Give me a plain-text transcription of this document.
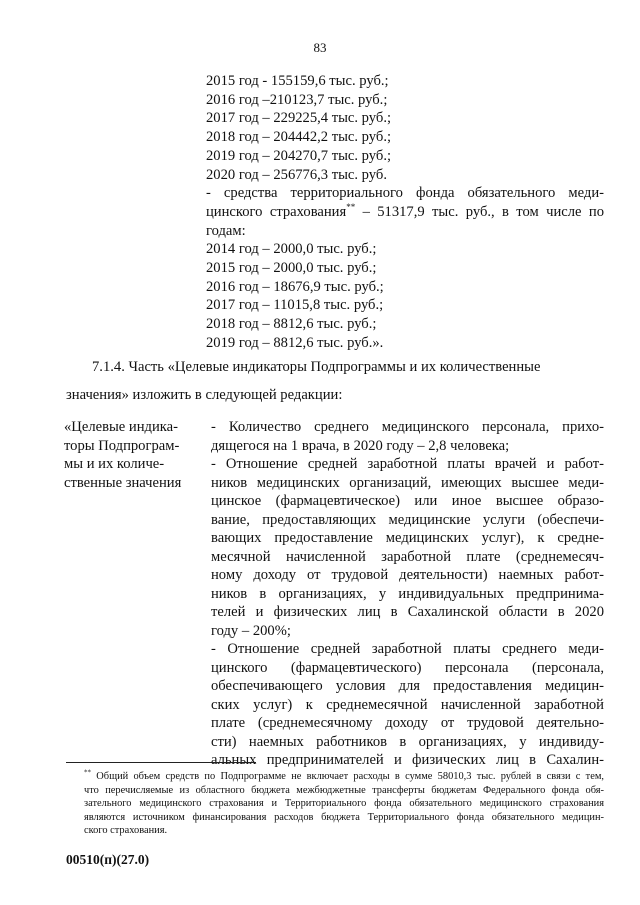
83
2015 год - 155159,6 тыс. руб.;
2016 год –210123,7 тыс. руб.;
2017 год – 229225,4 тыс. руб.;
2018 год – 204442,2 тыс. руб.;
2019 год – 204270,7 тыс. руб.;
2020 год – 256776,3 тыс. руб.
- средства территориального фонда обязательного меди-
цинского страхования** – 51317,9 тыс. руб., в том числе по
годам:
2014 год – 2000,0 тыс. руб.;
2015 год – 2000,0 тыс. руб.;
2016 год – 18676,9 тыс. руб.;
2017 год – 11015,8 тыс. руб.;
2018 год – 8812,6 тыс. руб.;
2019 год – 8812,6 тыс. руб.».
7.1.4. Часть «Целевые индикаторы Подпрограммы и их количественные
значения» изложить в следующей редакции:
«Целевые индика-
торы Подпрограм-
мы и их количе-
ственные значения
- Количество среднего медицинского персонала, прихо-
дящегося на 1 врача, в 2020 году – 2,8 человека;
- Отношение средней заработной платы врачей и работ-
ников медицинских организаций, имеющих высшее меди-
цинское (фармацевтическое) или иное высшее образо-
вание, предоставляющих медицинские услуги (обеспечи-
вающих предоставление медицинских услуг), к средне-
месячной начисленной заработной плате (среднемесяч-
ному доходу от трудовой деятельности) наемных работ-
ников в организациях, у индивидуальных предпринима-
телей и физических лиц в Сахалинской области в 2020
году – 200%;
- Отношение средней заработной платы среднего меди-
цинского (фармацевтического) персонала (персонала,
обеспечивающего условия для предоставления медицин-
ских услуг) к среднемесячной начисленной заработной
плате (среднемесячному доходу от трудовой деятельно-
сти) наемных работников в организациях, у индивиду-
альных предпринимателей и физических лиц в Сахалин-
** Общий объем средств по Подпрограмме не включает расходы в сумме 58010,3 тыс. рублей в связи с тем,
что перечисляемые из областного бюджета межбюджетные трансферты бюджетам Федерального фонда обя-
зательного медицинского страхования и Территориального фонда обязательного медицинского страхования
являются источником финансирования расходов бюджета Территориального фонда обязательного медицин-
ского страхования.
00510(п)(27.0)
